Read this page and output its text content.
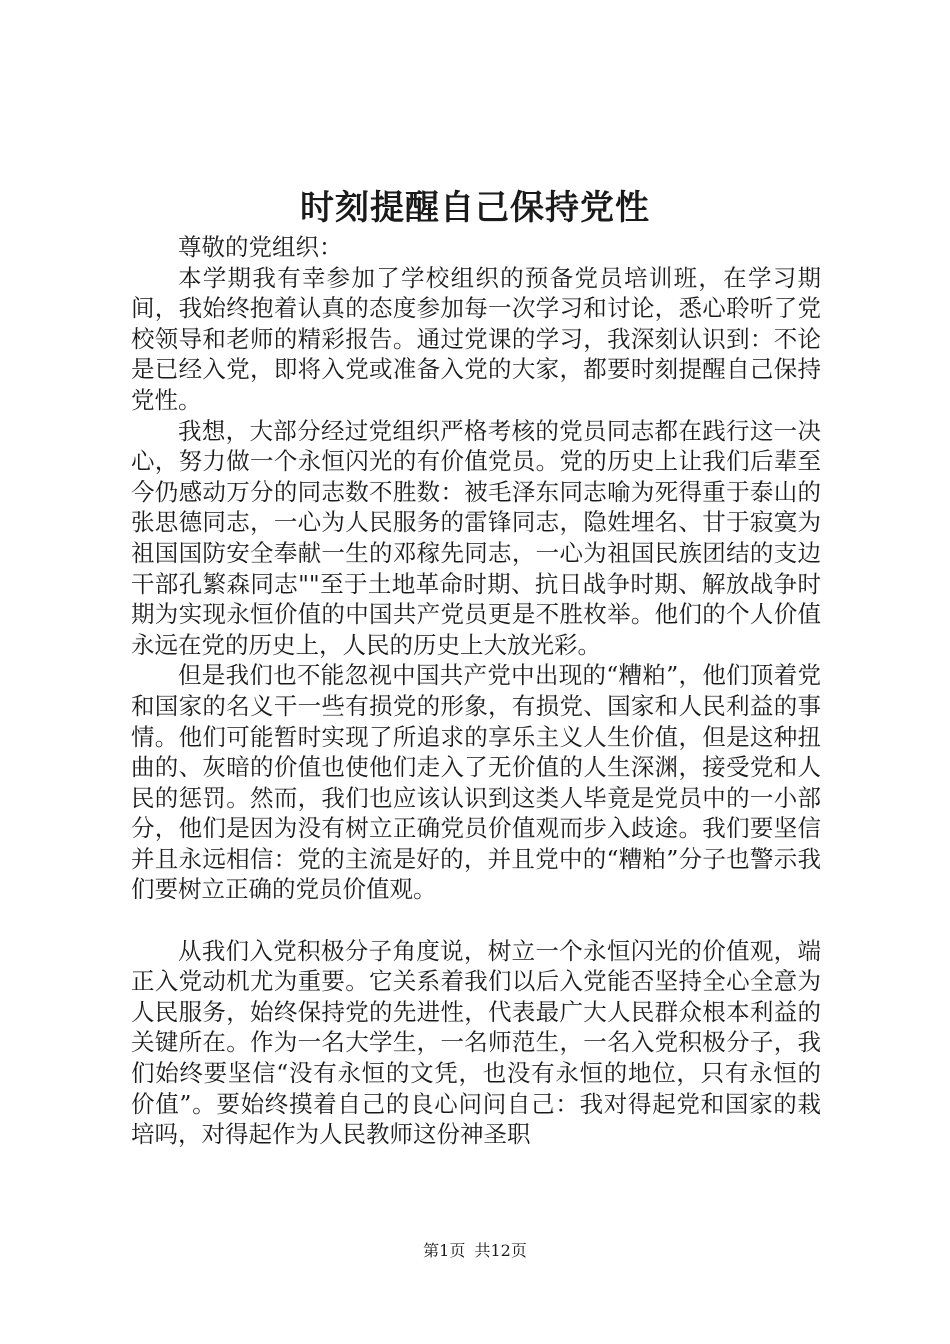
时刻提醒自己保持党性

尊敬的党组织：

本学期我有幸参加了学校组织的预备党员培训班，在学习期间，我始终抱着认真的态度参加每一次学习和讨论，悉心聆听了党校领导和老师的精彩报告。通过党课的学习，我深刻认识到：不论是已经入党，即将入党或准备入党的大家，都要时刻提醒自己保持党性。

我想，大部分经过党组织严格考核的党员同志都在践行这一决心，努力做一个永恒闪光的有价值党员。党的历史上让我们后辈至今仍感动万分的同志数不胜数：被毛泽东同志喻为死得重于泰山的张思德同志，一心为人民服务的雷锋同志，隐姓埋名、甘于寂寞为祖国国防安全奉献一生的邓稼先同志，一心为祖国民族团结的支边干部孔繁森同志""至于土地革命时期、抗日战争时期、解放战争时期为实现永恒价值的中国共产党员更是不胜枚举。他们的个人价值永远在党的历史上，人民的历史上大放光彩。

但是我们也不能忽视中国共产党中出现的“糟粕”，他们顶着党和国家的名义干一些有损党的形象，有损党、国家和人民利益的事情。他们可能暂时实现了所追求的享乐主义人生价值，但是这种扭曲的、灰暗的价值也使他们走入了无价值的人生深渊，接受党和人民的惩罚。然而，我们也应该认识到这类人毕竟是党员中的一小部分，他们是因为没有树立正确党员价值观而步入歧途。我们要坚信并且永远相信：党的主流是好的，并且党中的“糟粕”分子也警示我们要树立正确的党员价值观。

从我们入党积极分子角度说，树立一个永恒闪光的价值观，端正入党动机尤为重要。它关系着我们以后入党能否坚持全心全意为人民服务，始终保持党的先进性，代表最广大人民群众根本利益的关键所在。作为一名大学生，一名师范生，一名入党积极分子，我们始终要坚信“没有永恒的文凭，也没有永恒的地位，只有永恒的价值”。要始终摸着自己的良心问问自己：我对得起党和国家的栽培吗，对得起作为人民教师这份神圣职

第1页 共12页
